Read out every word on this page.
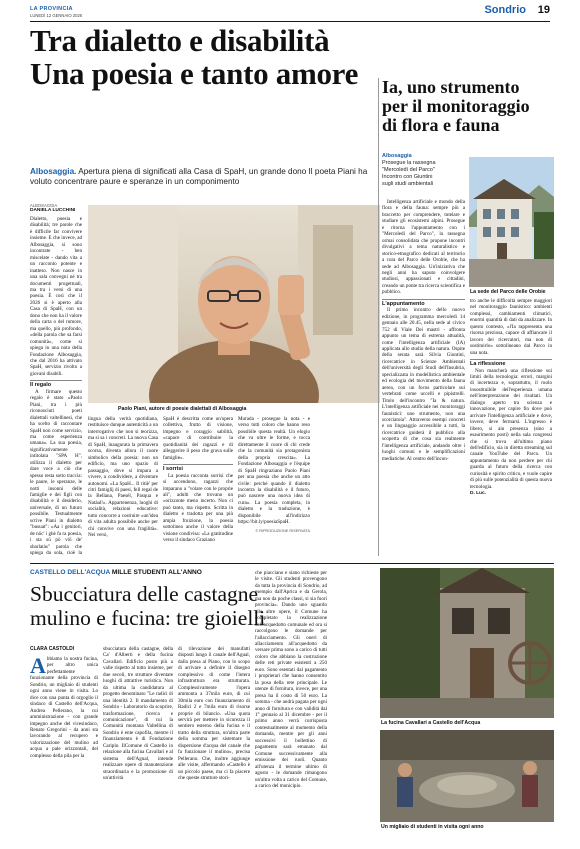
LA PROVINCIA
LUNEDÌ 12 GENNAIO 2026	Sondrio 19
Tra dialetto e disabilità
Una poesia e tanto amore
Albosaggia. Apertura piena di significati alla Casa di SpaH, un grande dono Il poeta Piani ha voluto concentrare paure e speranze in un componimento
ALBOSAGGIA
DANIELA LUCCHINI

Dialetto, poesia e disabilità; tre parole che è difficile far convivere insieme. E che invece, ad Albosaggia, si sono incontrate - ben miscelate - dando vita a un racconto potente e inatteso. Non nasce in una sala convegni né tra documenti progettuali, ma tra i versi di una poesia. È così che il 2026 si è aperto alla Casa di SpaH, con un dono che non ha il valore della carta o del rumore, ma quello, più profondo, «della parola che sa farsi comunità», come si spiega in una nota della Fondazione Albosaggia, che dal 2016 ha attivato SpaH, servizio rivolto a giovani disabili.

Il regalo

A firmare questo regalo è stato «Paolo Piani, tra i più riconosciuti poeti dialettali valtellinesi, che ha scelto di raccontare SpaH non come servizio, ma come esperienza umana». La sua poesia, significativamente intitolata "SPA H", utilizza il dialetto per dare voce a ciò che spesso resta sotto traccia: le paure, le speranze, le notti insonni delle famiglie e dei figli con disabilità e il desiderio, universale, di un futuro possibile. Testualmente scrive Piani in dialetto "busuat": «Aa i genitori, de nöc' i ghè fa ra poesia, i sta sü pö vöi de' sbarlatàs" parola che spiega da sola, cioè la

Paolo Piani, autore di poesie dialettali di Albosaggia

lingua della verità quotidiana, restituisce dunque autenticità a un interrogativo che non si teorizza, ma si sa i concreti. La nuova Casa di SpaH, inaugurata la primavera scorsa, diventa allora il cuore simbolico della poesia: non un edificio, ma uno spazio di passaggio, dove si impara a vivere, a condividere, a diventare autonomi. «La SpaH... Il ritiè' per citri famiglij di paesi, fell regal de la Bellana, Paesél, Pasqua e Natàal!». Appartenenza, luoghi di socialità, relazioni educative: tutto concorre a costruire «un'idea di vita adulta possibile anche per chi convive con una fragilità». Nei versi,

SpaH è descritta come un'opera collettiva, frutto di visione, impegno e coraggio sabilità, «capace di contribuire la quotidianità dei ragazzi e di alleggerire il peso che grava sulle famiglie».

I sorrisi

La poesia racconta sorrisi che si accendono, ragazzi che imparano a "volare con le proprie ali", adulti che trovano un «orizzonte meno incerto. Non ci può tanto, ma rispetto. Scritta in dialetto e tradotta per una più ampia fruizione, la poesia sottolinea anche il valore della visione condivisa: «La gratitudine verso il sindaco Graziano

Murada - prosegue la nota - e verso tutti coloro che hanno reso possibile questa realtà. Un elogio che va oltre le forme, e tocca direttamente il cuore di chi crede che la comunità sia protagonista della propria crescita». La Fondazione Albosaggia e l'équipe di SpaH ringraziano Paolo Piani per una poesia che anche un atto civile: perché quando il dialetto incontra la disabilità e il futuro, può nascere una nuova idea di cura». La poesia completa, in dialetto e la traduzione, è disponibile all'indirizzo https://bit.ly/poesiaSpaH.

© RIPRODUZIONE RISERVATA
Ia, uno strumento
per il monitoraggio
di flora e fauna
Albosaggia
Prosegue la rassegna
"Mercoledì del Parco"
Incontro con Giuntini
sugli studi ambientali

Intelligenza artificiale e mondo della flora e della fauna: sempre più a braccetto per comprendere, tutelare e studiare gli ecosistemi alpini. Prosegue e ritorna l'appuntamento con i "Mercoledì del Parco", la rassegna ormai consolidata che propone incontri divulgativi a tema naturalistico e storico-etnografico dedicati al territorio a cura del Parco delle Orobie, che ha sede ad Albosaggia. Un'iniziativa che negli anni ha saputo coinvolgere studiosi, appassionati e cittadini, creando un ponte tra ricerca scientifica e pubblico.

L'appuntamento

Il primo incontro dello nuovo edizione, in programma mercoledì 14 gennaio alle 20.45, nella sede al civico 752 di Viale Dei mastri - affronta appunto un tema di estrema attualità, come l'intelligenza artificiale (IA) applicata allo studio della natura. Ospite della serata sarà Silvia Giuntini, ricercatrice in Scienze Ambientali dell'università degli Studi dell'Insubria, specializzata in modellistica ambientale ed ecologia del movimento della fauna aerea, con un focus particolare sui vertebrati come uccelli e pipistrelli. Titolo dell'incontro "Ia & natura. L'intelligenza artificiale nei monitoraggi faunistici: uno strumento, non una scorciatoia". Attraverso esempi concreti e un linguaggio accessibile a tutti, la ricercatrice guiderà il pubblico alla scoperta di che cosa sia realmente l'intelligenza artificiale, andando oltre i luoghi comuni e le semplificazioni mediatiche. Al centro dell'incon-

La sede del Parco delle Orobie

tro anche le difficoltà sempre maggiori nel monitoraggio faunistico: ambienti complessi, cambiamenti climatici, enormi quantità di dati da analizzare. In questo contesto, «l'Ia rappresenta una risorsa preziosa, capace di affiancare il lavoro dei ricercatori, ma non di sostituirlo» sottolineano dal Parco in una nota.

La riflessione

Non mancherà una riflessione sui limiti della tecnologia: errori, margini di incertezza e, soprattutto, il ruolo insostituibile dell'esperienza umana nell'interpretazione dei risultati. Un dialogo aperto tra scienza e innovazione, per capire fin dove può arrivare l'intelligenza artificiale e dove, invece, deve fermarsi. L'ingresso è libero, si ain presenza (sino a esaurimento posti) nella sala congressi che si trova all'ultimo piano dell'edificio, sia in diretta streaming sul canale YouTube del Parco. Un appuntamento da non perdere per chi guarda al futuro della ricerca con curiosità e spirito critico, e vuole capire di più sulle potenzialità di questa nuova tecnologia.

D. Luc.
CASTELLO DELL'ACQUA MILLE STUDENTI ALL'ANNO
Sbucciatura delle castagne
mulino e fucina: tre gioielli
CLARA CASTOLDI
A bbiamo la nostra fucina, per altro unica perfettamente funzionante della provincia di Sondrio, un migliaio di studenti ogni anno viene in visita. Lo dice con una punta di orgoglio il sindaco di Castello dell'Acqua, Andrea Pellerano, la cui amministrazione - con grande impegno anche del vicesindaco, Renato Gregorini - da anni sta lavorando al recupero e valorizzazione del mulino ad acqua a pale orizzontali, del complesso della pila per la

sbucciatura della castagne, della Ca' d'Alberti e della fucina Cavallari. Edificio posto più a valle rispetto al tutto insieme, per due secoli, tre strutture diventate luoghi di attrattive turistica. Non da ultima la candidatura al progetto denominato "Le radici di una identità 2. Il mandamento di Sondrio - Laboratorio da scoprire, trasformazione, ricerca e comunicazione", di cui la Comunità montana Valtellina di Sondrio è ente capofila, mentre il finanziamento è di Fondazione Cariplo. IlComune di Castello in relazione alla fucina Cavallari e al sistema dell'Agual, intende realizzare opere di manutenzione straordinaria e la promozione di un'attività

di rilevazione dei manufatti disposti lungo il canale dell'Agual, dalla presa al Piano, con lo scopo di arrivare a definire il disegno complessivo di come l'intera infrastruttura era strutturata. Complessivamente l'opera ammonta a 37mila euro, di cui 30mila euro con finanziamento di Radici 2 e 7mila euro di risorse proprie di bilancio. «Una quota servirà per mettere in sicurezza il sentiero esterno della fucina e il tratto della struttura, un'altra parte della somma per sistemare la dispersione d'acqua del canale che fa funzionare il mulino», precisa Pellerano. Che, inoltre aggiunge alle visite, affermando «Castello è un piccolo paese, ma ci fa piacere che queste strutture stori-

che piacciano e siano richieste per le visite. Gli studenti provengono da tutta la provincia di Sondrio, ad esempio dall'Aprica e da Gerola, ma non da poche classi, si sia fuori provincia». Dando uno sguardo alle altre opere, il Comune ha completato la realizzazione dell'acquedotto comunale ed ora si raccolgono le domande per l'allacciamento. Gli oneri di allacciamento all'acquedotto da versare prima sono a carico di tutti coloro che abbiano la costruzione delle reti private esistenti a 250 euro. Sono esentati dal pagamento i proprietari che hanno consentito la posa della rete principale. Le utenze di fornitura, invece, per una presa ha il costo di 50 euro. La somma - che andrà pagata per ogni anno di fornitura e con validità dal 1° gennaio al 31 dicembre - per il primo anno verrà corrisposta contestualmente al momento della domanda, mentre per gli anni successivi il bollettino di pagamento sarà emanato dal Comune successivamente alla emissione dei ruoli. Quanto all'utenza il termine ultimo di agosto - le domande rimangono un'altra volta a carico del Comune, a carico del municipio.

La fucina Cavallari a Castello dell'Acqua
Un migliaio di studenti in visita ogni anno
